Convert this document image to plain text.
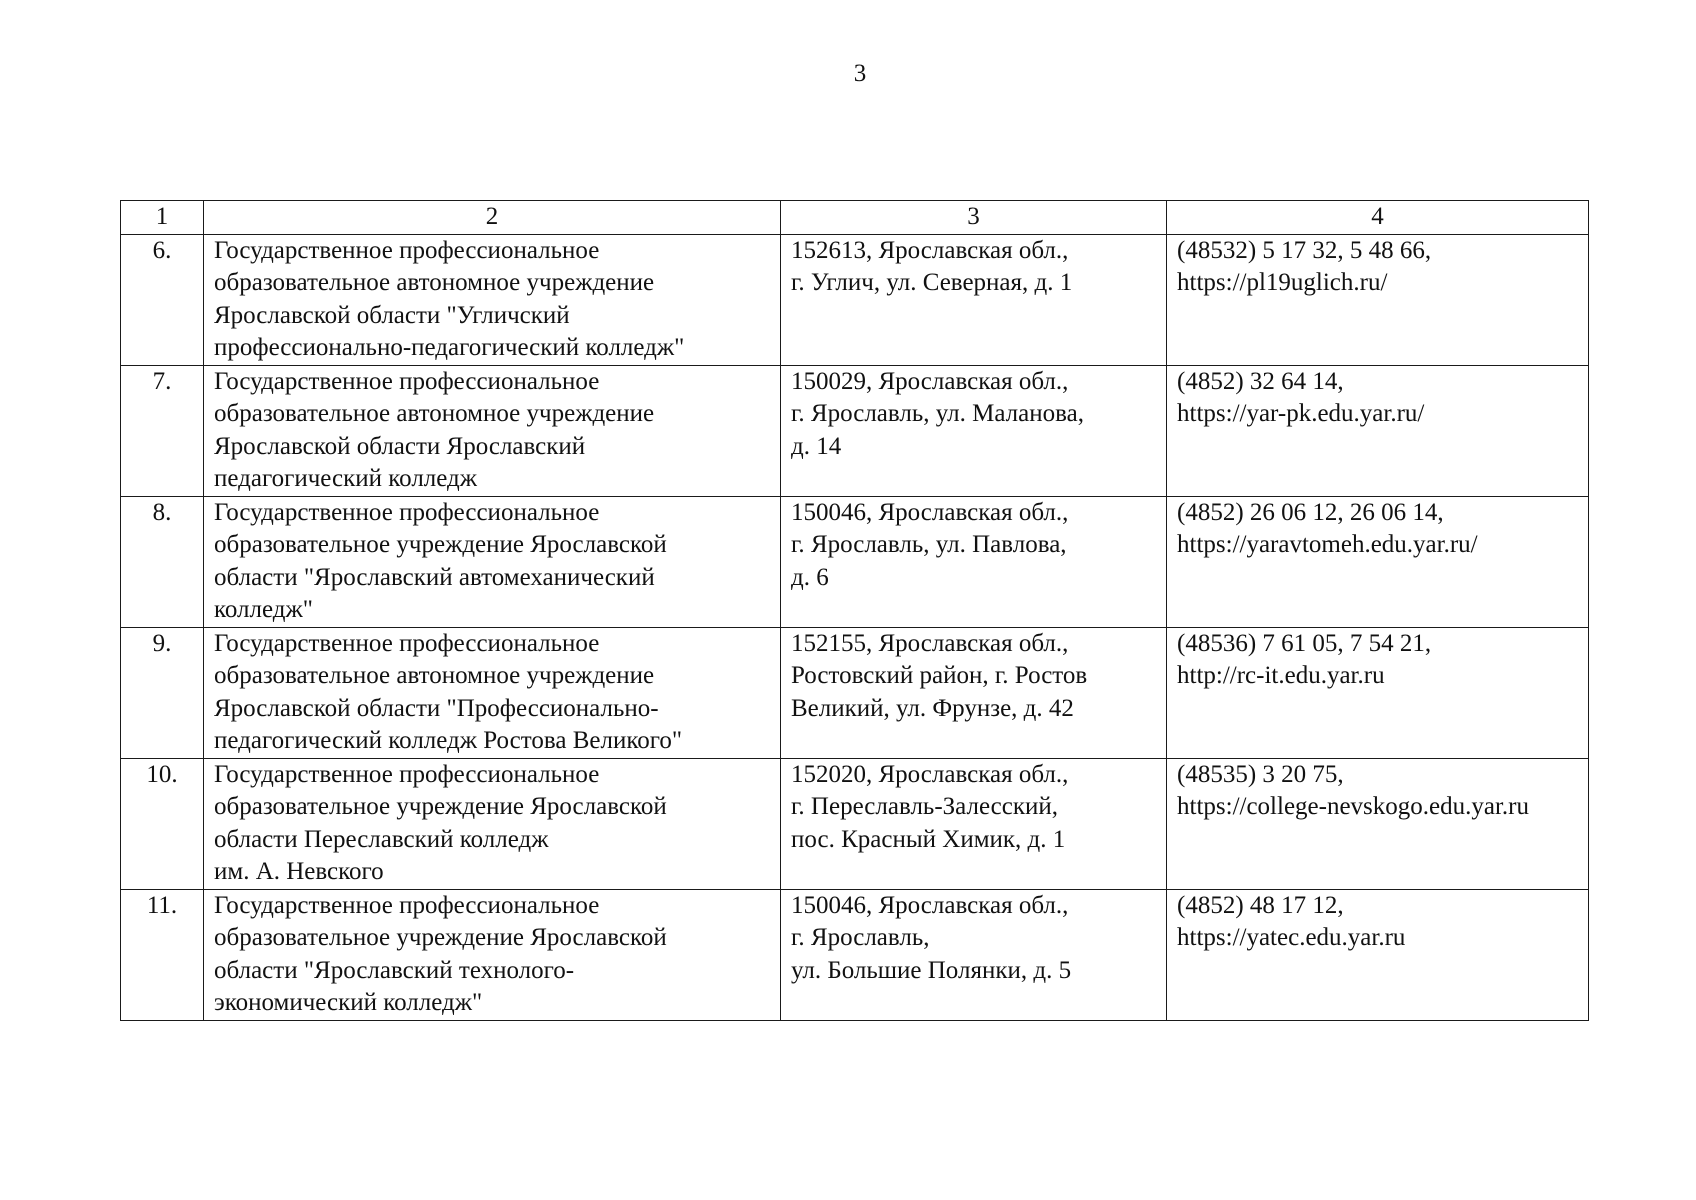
3
1	2	3	4
6.	Государственное профессиональное
образовательное автономное учреждение
Ярославской области "Угличский
профессионально-педагогический колледж"	152613, Ярославская обл.,
г. Углич, ул. Северная, д. 1	(48532) 5 17 32, 5 48 66,
https://pl19uglich.ru/

7.	Государственное профессиональное
образовательное автономное учреждение
Ярославской области Ярославский
педагогический колледж	150029, Ярославская обл.,
г. Ярославль, ул. Маланова,
д. 14	(4852) 32 64 14,
https://yar-pk.edu.yar.ru/

8.	Государственное профессиональное
образовательное учреждение Ярославской
области "Ярославский автомеханический
колледж"	150046, Ярославская обл.,
г. Ярославль, ул. Павлова,
д. 6	(4852) 26 06 12, 26 06 14,
https://yaravtomeh.edu.yar.ru/

9.	Государственное профессиональное
образовательное автономное учреждение
Ярославской области "Профессионально-
педагогический колледж Ростова Великого"	152155, Ярославская обл.,
Ростовский район, г. Ростов
Великий, ул. Фрунзе, д. 42	(48536) 7 61 05, 7 54 21,
http://rc-it.edu.yar.ru

10.	Государственное профессиональное
образовательное учреждение Ярославской
области Переславский колледж
им. А. Невского	152020, Ярославская обл.,
г. Переславль-Залесский,
пос. Красный Химик, д. 1	(48535) 3 20 75,
https://college-nevskogo.edu.yar.ru

11.	Государственное профессиональное
образовательное учреждение Ярославской
области "Ярославский технолого-
экономический колледж"	150046, Ярославская обл.,
г. Ярославль,
ул. Большие Полянки, д. 5	(4852) 48 17 12,
https://yatec.edu.yar.ru
